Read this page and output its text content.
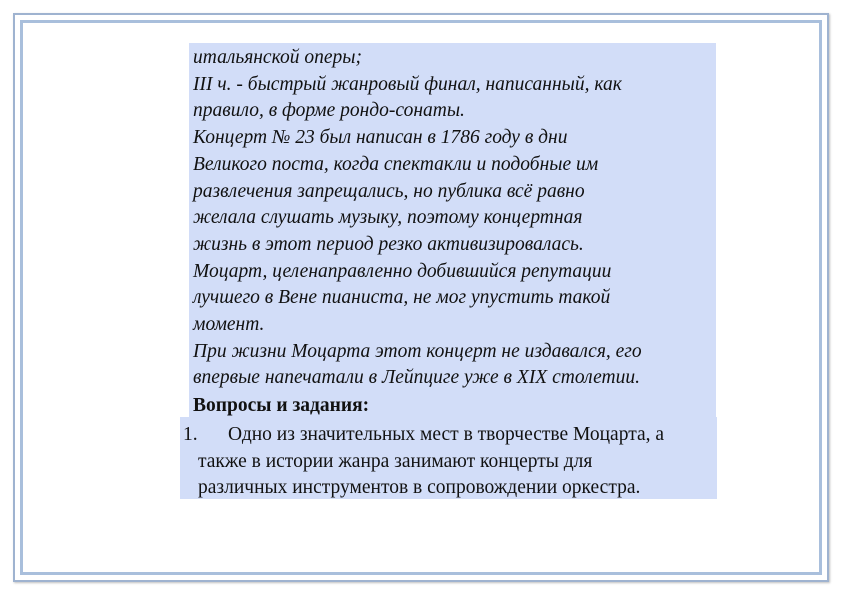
итальянской оперы;
III ч. - быстрый жанровый финал, написанный, как
правило, в форме рондо-сонаты.
Концерт № 23 был написан в 1786 году в дни
Великого поста, когда спектакли и подобные им
развлечения запрещались, но публика всё равно
желала слушать музыку, поэтому концертная
жизнь в этот период резко активизировалась.
Моцарт, целенаправленно добившийся репутации
лучшего в Вене пианиста, не мог упустить такой
момент.
При жизни Моцарта этот концерт не издавался, его
впервые напечатали в Лейпциге уже в XIX столетии.
Вопросы и задания:
1. Одно из значительных мест в творчестве Моцарта, а
также в истории жанра занимают концерты для
различных инструментов в сопровождении оркестра.
